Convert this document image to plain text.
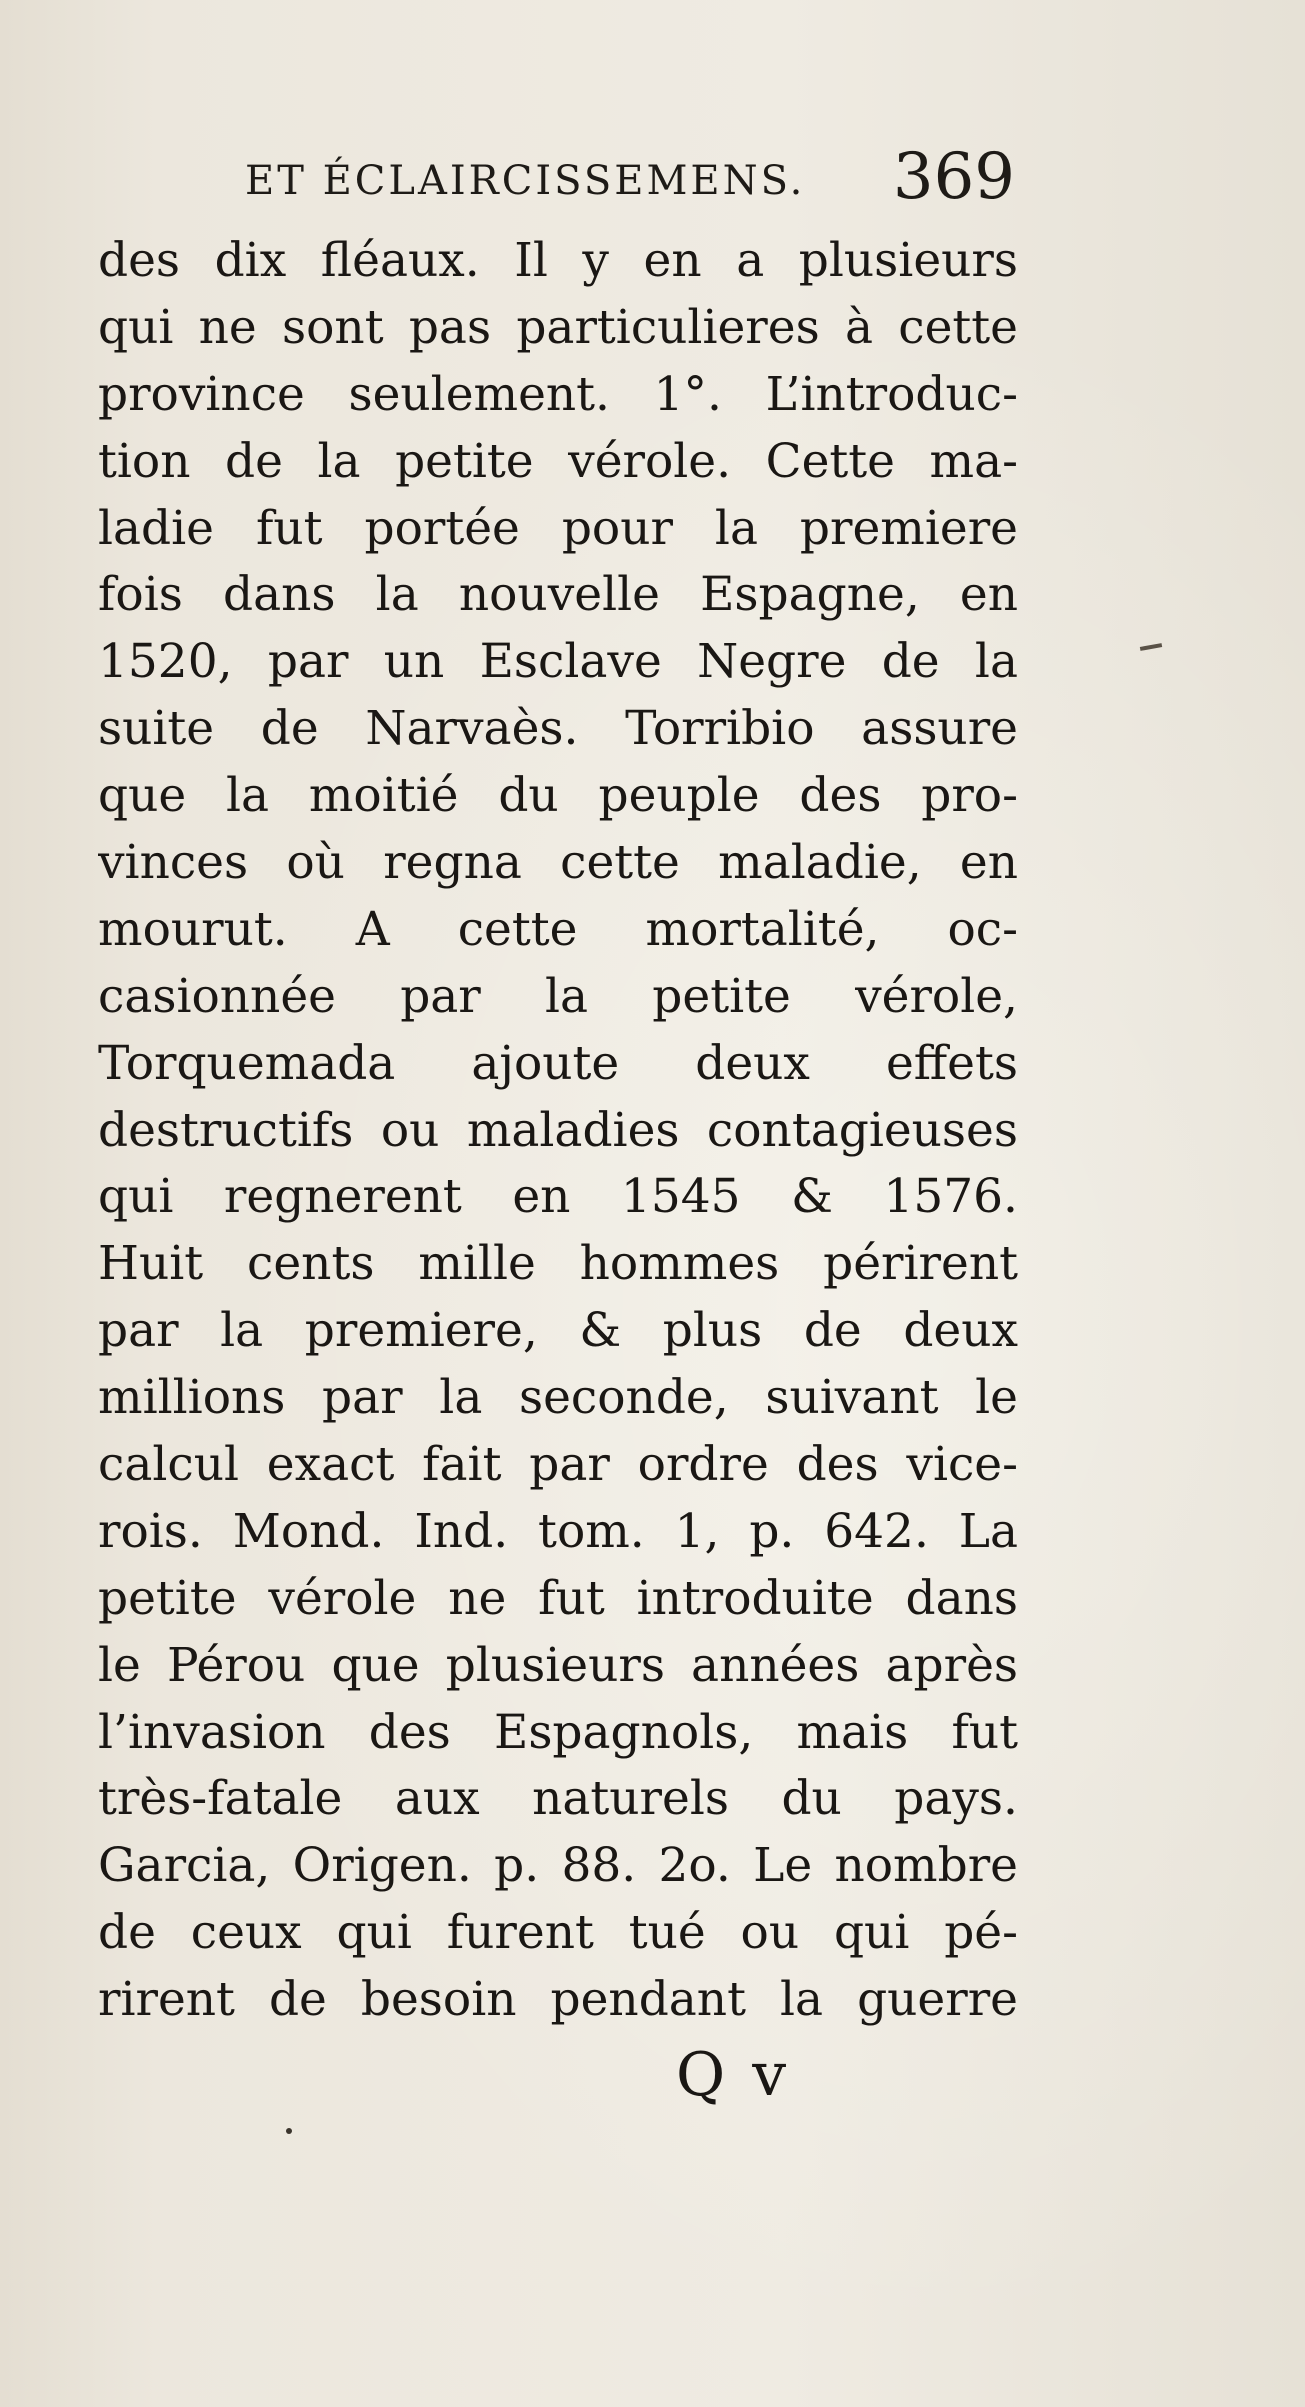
ET ÉCLAIRCISSEMENS. 369
des dix fléaux. Il y en a plusieurs
qui ne sont pas particulieres à cette
province seulement. 1°. L’introduc-
tion de la petite vérole. Cette ma-
ladie fut portée pour la premiere
fois dans la nouvelle Espagne, en
1520, par un Esclave Negre de la
suite de Narvaès. Torribio assure
que la moitié du peuple des pro-
vinces où regna cette maladie, en
mourut. A cette mortalité, oc-
casionnée par la petite vérole,
Torquemada ajoute deux effets
destructifs ou maladies contagieuses
qui regnerent en 1545 & 1576.
Huit cents mille hommes périrent
par la premiere, & plus de deux
millions par la seconde, suivant le
calcul exact fait par ordre des vice-
rois. Mond. Ind. tom. 1, p. 642. La
petite vérole ne fut introduite dans
le Pérou que plusieurs années après
l’invasion des Espagnols, mais fut
très-fatale aux naturels du pays.
Garcia, Origen. p. 88. 2o. Le nombre
de ceux qui furent tué ou qui pé-
rirent de besoin pendant la guerre
Q v
